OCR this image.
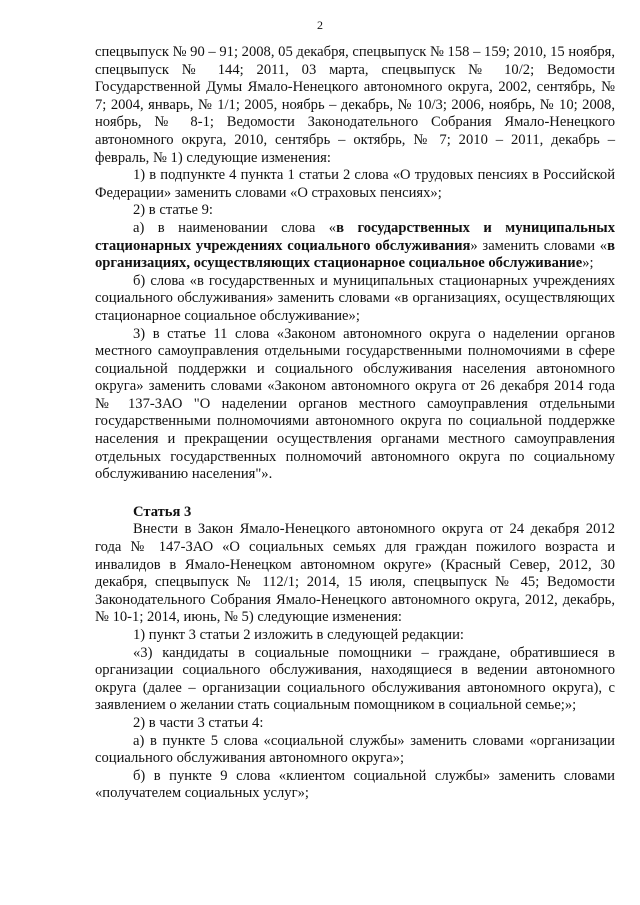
2

спецвыпуск № 90 – 91; 2008, 05 декабря, спецвыпуск № 158 – 159; 2010, 15 ноября, спецвыпуск № 144; 2011, 03 марта, спецвыпуск № 10/2; Ведомости Государственной Думы Ямало-Ненецкого автономного округа, 2002, сентябрь, № 7; 2004, январь, № 1/1; 2005, ноябрь – декабрь, № 10/3; 2006, ноябрь, № 10; 2008, ноябрь, № 8-1; Ведомости Законодательного Собрания Ямало-Ненецкого автономного округа, 2010, сентябрь – октябрь, № 7; 2010 – 2011, декабрь – февраль, № 1) следующие изменения:

1) в подпункте 4 пункта 1 статьи 2 слова «О трудовых пенсиях в Российской Федерации» заменить словами «О страховых пенсиях»;

2) в статье 9:

а) в наименовании слова «в государственных и муниципальных стационарных учреждениях социального обслуживания» заменить словами «в организациях, осуществляющих стационарное социальное обслуживание»;

б) слова «в государственных и муниципальных стационарных учреждениях социального обслуживания» заменить словами «в организациях, осуществляющих стационарное социальное обслуживание»;

3) в статье 11 слова «Законом автономного округа о наделении органов местного самоуправления отдельными государственными полномочиями в сфере социальной поддержки и социального обслуживания населения автономного округа» заменить словами «Законом автономного округа от 26 декабря 2014 года № 137-ЗАО "О наделении органов местного самоуправления отдельными государственными полномочиями автономного округа по социальной поддержке населения и прекращении осуществления органами местного самоуправления отдельных государственных полномочий автономного округа по социальному обслуживанию населения"».

Статья 3

Внести в Закон Ямало-Ненецкого автономного округа от 24 декабря 2012 года № 147-ЗАО «О социальных семьях для граждан пожилого возраста и инвалидов в Ямало-Ненецком автономном округе» (Красный Север, 2012, 30 декабря, спецвыпуск № 112/1; 2014, 15 июля, спецвыпуск № 45; Ведомости Законодательного Собрания Ямало-Ненецкого автономного округа, 2012, декабрь, № 10-1; 2014, июнь, № 5) следующие изменения:

1) пункт 3 статьи 2 изложить в следующей редакции:

«3) кандидаты в социальные помощники – граждане, обратившиеся в организации социального обслуживания, находящиеся в ведении автономного округа (далее – организации социального обслуживания автономного округа), с заявлением о желании стать социальным помощником в социальной семье;»;

2) в части 3 статьи 4:

а) в пункте 5 слова «социальной службы» заменить словами «организации социального обслуживания автономного округа»;

б) в пункте 9 слова «клиентом социальной службы» заменить словами «получателем социальных услуг»;
